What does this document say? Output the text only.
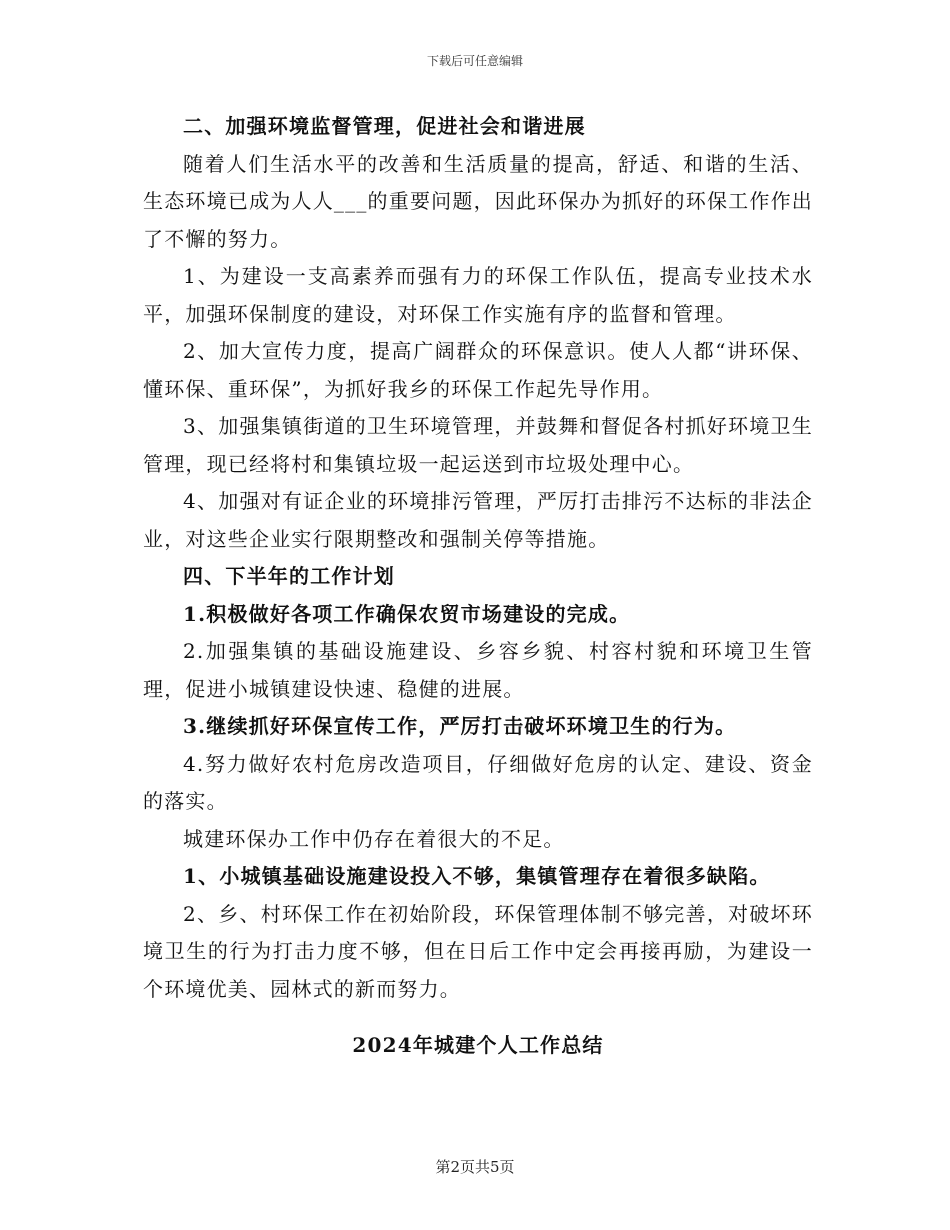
下载后可任意编辑

二、加强环境监督管理，促进社会和谐进展

随着人们生活水平的改善和生活质量的提高，舒适、和谐的生活、生态环境已成为人人___的重要问题，因此环保办为抓好的环保工作作出了不懈的努力。

1、为建设一支高素养而强有力的环保工作队伍，提高专业技术水平，加强环保制度的建设，对环保工作实施有序的监督和管理。

2、加大宣传力度，提高广阔群众的环保意识。使人人都“讲环保、懂环保、重环保”，为抓好我乡的环保工作起先导作用。

3、加强集镇街道的卫生环境管理，并鼓舞和督促各村抓好环境卫生管理，现已经将村和集镇垃圾一起运送到市垃圾处理中心。

4、加强对有证企业的环境排污管理，严厉打击排污不达标的非法企业，对这些企业实行限期整改和强制关停等措施。

四、下半年的工作计划

1.积极做好各项工作确保农贸市场建设的完成。

2.加强集镇的基础设施建设、乡容乡貌、村容村貌和环境卫生管理，促进小城镇建设快速、稳健的进展。

3.继续抓好环保宣传工作，严厉打击破坏环境卫生的行为。

4.努力做好农村危房改造项目，仔细做好危房的认定、建设、资金的落实。

城建环保办工作中仍存在着很大的不足。

1、小城镇基础设施建设投入不够，集镇管理存在着很多缺陷。

2、乡、村环保工作在初始阶段，环保管理体制不够完善，对破坏环境卫生的行为打击力度不够，但在日后工作中定会再接再励，为建设一个环境优美、园林式的新而努力。

2024年城建个人工作总结

第2页共5页
